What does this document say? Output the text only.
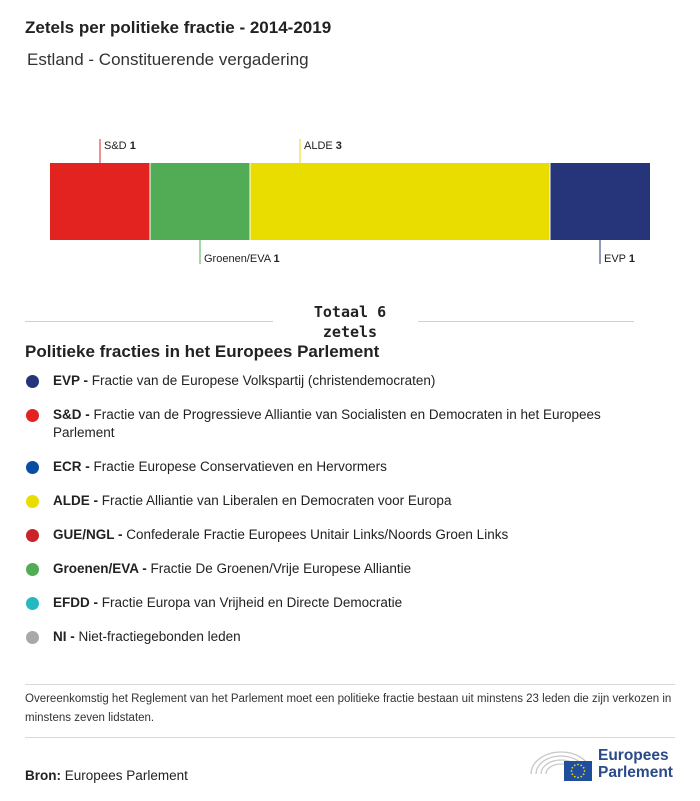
Zetels per politieke fractie - 2014-2019
Estland - Constituerende vergadering
S&D 1
Groenen/EVA 1
ALDE 3
EVP 1
Totaal 6
zetels
Politieke fracties in het Europees Parlement
EVP - Fractie van de Europese Volkspartij (christendemocraten)
S&D - Fractie van de Progressieve Alliantie van Socialisten en Democraten in het Europees Parlement
ECR - Fractie Europese Conservatieven en Hervormers
ALDE - Fractie Alliantie van Liberalen en Democraten voor Europa
GUE/NGL - Confederale Fractie Europees Unitair Links/Noords Groen Links
Groenen/EVA - Fractie De Groenen/Vrije Europese Alliantie
EFDD - Fractie Europa van Vrijheid en Directe Democratie
NI - Niet-fractiegebonden leden
Overeenkomstig het Reglement van het Parlement moet een politieke fractie bestaan uit minstens 23 leden die zijn verkozen in minstens zeven lidstaten.
Bron: Europees Parlement
Europees
Parlement
